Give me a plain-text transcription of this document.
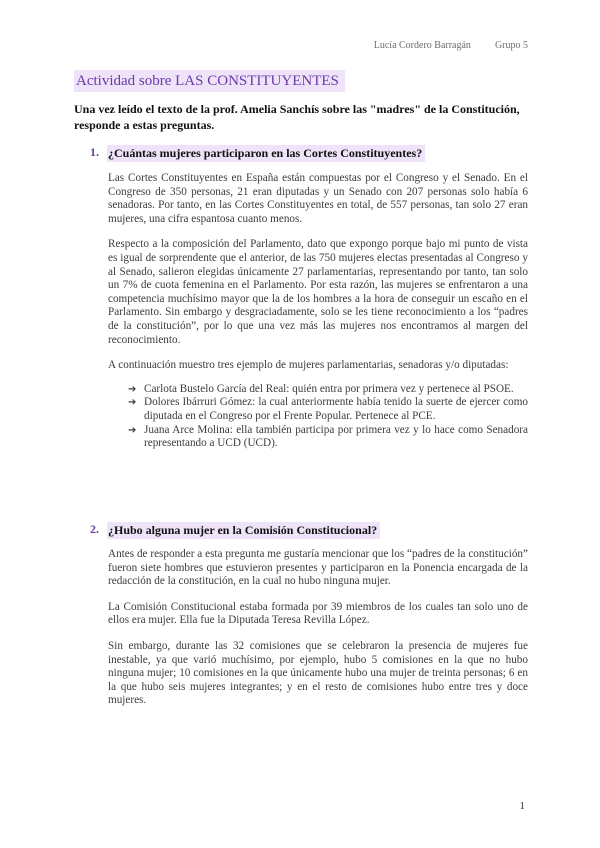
Lucía Cordero Barragán Grupo 5
Actividad sobre LAS CONSTITUYENTES

Una vez leído el texto de la prof. Amelia Sanchís sobre las "madres" de la Constitución, responde a estas preguntas.

1. ¿Cuántas mujeres participaron en las Cortes Constituyentes?

Las Cortes Constituyentes en España están compuestas por el Congreso y el Senado. En el Congreso de 350 personas, 21 eran diputadas y un Senado con 207 personas solo había 6 senadoras. Por tanto, en las Cortes Constituyentes en total, de 557 personas, tan solo 27 eran mujeres, una cifra espantosa cuanto menos.

Respecto a la composición del Parlamento, dato que expongo porque bajo mi punto de vista es igual de sorprendente que el anterior, de las 750 mujeres electas presentadas al Congreso y al Senado, salieron elegidas únicamente 27 parlamentarias, representando por tanto, tan solo un 7% de cuota femenina en el Parlamento. Por esta razón, las mujeres se enfrentaron a una competencia muchísimo mayor que la de los hombres a la hora de conseguir un escaño en el Parlamento. Sin embargo y desgraciadamente, solo se les tiene reconocimiento a los “padres de la constitución”, por lo que una vez más las mujeres nos encontramos al margen del reconocimiento.

A continuación muestro tres ejemplo de mujeres parlamentarias, senadoras y/o diputadas:

➔ Carlota Bustelo García del Real: quién entra por primera vez y pertenece al PSOE.
➔ Dolores Ibárruri Gómez: la cual anteriormente había tenido la suerte de ejercer como diputada en el Congreso por el Frente Popular. Pertenece al PCE.
➔ Juana Arce Molina: ella también participa por primera vez y lo hace como Senadora representando a UCD (UCD).
2. ¿Hubo alguna mujer en la Comisión Constitucional?

Antes de responder a esta pregunta me gustaría mencionar que los “padres de la constitución” fueron siete hombres que estuvieron presentes y participaron en la Ponencia encargada de la redacción de la constitución, en la cual no hubo ninguna mujer.

La Comisión Constitucional estaba formada por 39 miembros de los cuales tan solo uno de ellos era mujer. Ella fue la Diputada Teresa Revilla López.

Sin embargo, durante las 32 comisiones que se celebraron la presencia de mujeres fue inestable, ya que varió muchísimo, por ejemplo, hubo 5 comisiones en la que no hubo ninguna mujer; 10 comisiones en la que únicamente hubo una mujer de treinta personas; 6 en la que hubo seis mujeres integrantes; y en el resto de comisiones hubo entre tres y doce mujeres.

1
